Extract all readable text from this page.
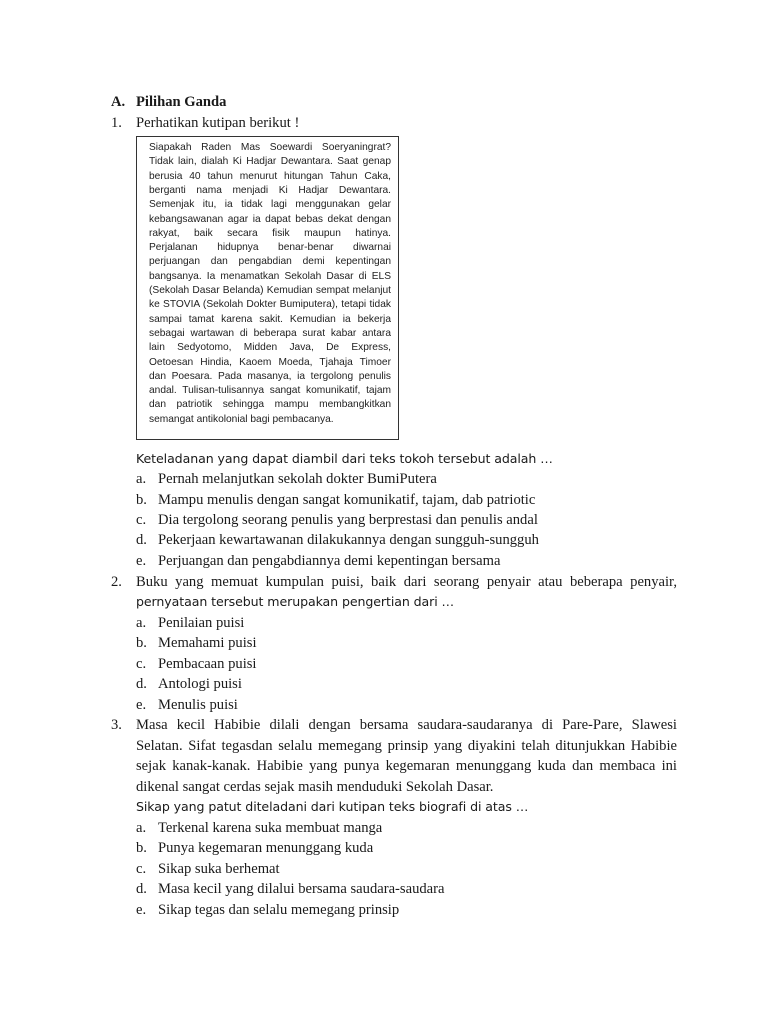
A. Pilihan Ganda
1. Perhatikan kutipan berikut !
Siapakah Raden Mas Soewardi Soeryaningrat?
Tidak lain, dialah Ki Hadjar Dewantara. Saat genap
berusia 40 tahun menurut hitungan Tahun Caka,
berganti nama menjadi Ki Hadjar Dewantara.
Semenjak itu, ia tidak lagi menggunakan gelar
kebangsawanan agar ia dapat bebas dekat dengan
rakyat, baik secara fisik maupun hatinya.
Perjalanan hidupnya benar-benar diwarnai
perjuangan dan pengabdian demi kepentingan
bangsanya. Ia menamatkan Sekolah Dasar di ELS
(Sekolah Dasar Belanda) Kemudian sempat melanjut
ke STOVIA (Sekolah Dokter Bumiputera), tetapi tidak
sampai tamat karena sakit. Kemudian ia bekerja
sebagai wartawan di beberapa surat kabar antara
lain Sedyotomo, Midden Java, De Express,
Oetoesan Hindia, Kaoem Moeda, Tjahaja Timoer
dan Poesara. Pada masanya, ia tergolong penulis
andal. Tulisan-tulisannya sangat komunikatif, tajam
dan patriotik sehingga mampu membangkitkan
semangat antikolonial bagi pembacanya.
Keteladanan yang dapat diambil dari teks tokoh tersebut adalah …
a. Pernah melanjutkan sekolah dokter BumiPutera
b. Mampu menulis dengan sangat komunikatif, tajam, dab patriotic
c. Dia tergolong seorang penulis yang berprestasi dan penulis andal
d. Pekerjaan kewartawanan dilakukannya dengan sungguh-sungguh
e. Perjuangan dan pengabdiannya demi kepentingan bersama
2. Buku yang memuat kumpulan puisi, baik dari seorang penyair atau beberapa penyair,
pernyataan tersebut merupakan pengertian dari …
a. Penilaian puisi
b. Memahami puisi
c. Pembacaan puisi
d. Antologi puisi
e. Menulis puisi
3. Masa kecil Habibie dilali dengan bersama saudara-saudaranya di Pare-Pare, Slawesi
Selatan. Sifat tegasdan selalu memegang prinsip yang diyakini telah ditunjukkan Habibie
sejak kanak-kanak. Habibie yang punya kegemaran menunggang kuda dan membaca ini
dikenal sangat cerdas sejak masih menduduki Sekolah Dasar.
Sikap yang patut diteladani dari kutipan teks biografi di atas …
a. Terkenal karena suka membuat manga
b. Punya kegemaran menunggang kuda
c. Sikap suka berhemat
d. Masa kecil yang dilalui bersama saudara-saudara
e. Sikap tegas dan selalu memegang prinsip
